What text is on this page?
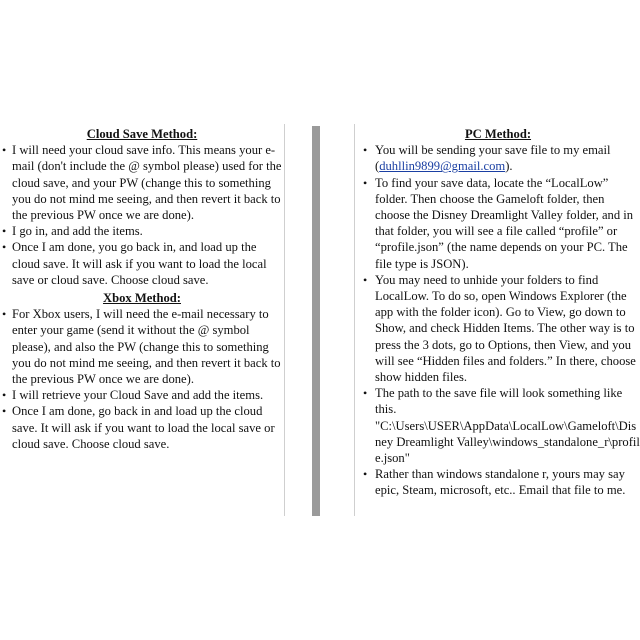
Cloud Save Method:
• I will need your cloud save info. This means your e-mail (don't include the @ symbol please) used for the cloud save, and your PW (change this to something you do not mind me seeing, and then revert it back to the previous PW once we are done).
• I go in, and add the items.
• Once I am done, you go back in, and load up the cloud save. It will ask if you want to load the local save or cloud save. Choose cloud save.
Xbox Method:
• For Xbox users, I will need the e-mail necessary to enter your game (send it without the @ symbol please), and also the PW (change this to something you do not mind me seeing, and then revert it back to the previous PW once we are done).
• I will retrieve your Cloud Save and add the items.
• Once I am done, go back in and load up the cloud save. It will ask if you want to load the local save or cloud save. Choose cloud save.
PC Method:
• You will be sending your save file to my email (duhllin9899@gmail.com).
• To find your save data, locate the “LocalLow” folder. Then choose the Gameloft folder, then choose the Disney Dreamlight Valley folder, and in that folder, you will see a file called “profile” or “profile.json” (the name depends on your PC. The file type is JSON).
• You may need to unhide your folders to find LocalLow. To do so, open Windows Explorer (the app with the folder icon). Go to View, go down to Show, and check Hidden Items. The other way is to press the 3 dots, go to Options, then View, and you will see “Hidden files and folders.” In there, choose show hidden files.
• The path to the save file will look something like this.
"C:\Users\USER\AppData\LocalLow\Gameloft\Disney Dreamlight Valley\windows_standalone_r\profile.json"
• Rather than windows standalone r, yours may say epic, Steam, microsoft, etc.. Email that file to me.
